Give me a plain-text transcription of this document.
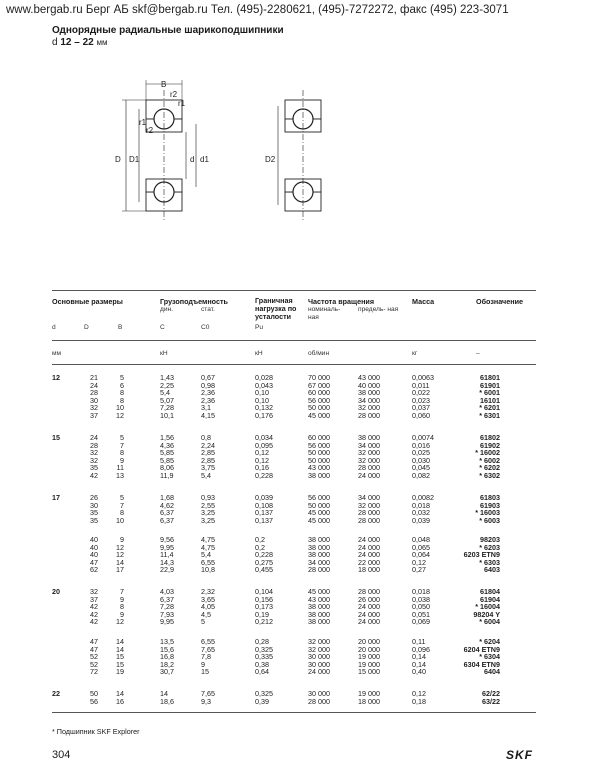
www.bergab.ru Берг АБ skf@bergab.ru Тел. (495)-2280621, (495)-7272272, факс (495) 223-3071
Однорядные радиальные шарикоподшипники
d 12 – 22 мм
B
r2
r1
r1
r2
D D1	d d1	D2
Основные размеры	Грузоподъемность	Граничная нагрузка по усталости
Частота вращения	Масса	Обозначение
дин.	стат.	номиналь- ная
предель- ная
d	D	B	C	C0	Pu
мм	кН	кН	об/мин	кг	–
12	21	5	1,43	0,67	0,028	70 000	43 000	0,0063	61801
24	6	2,25	0,98	0,043	67 000	40 000	0,011	61901
28	8	5,4	2,36	0,10	60 000	38 000	0,022	* 6001
30	8	5,07	2,36	0,10	56 000	34 000	0,023	16101
32	10	7,28	3,1	0,132	50 000	32 000	0,037	* 6201
37	12	10,1	4,15	0,176	45 000	28 000	0,060	* 6301
15	24	5	1,56	0,8	0,034	60 000	38 000	0,0074	61802
28	7	4,36	2,24	0,095	56 000	34 000	0,016	61902
32	8	5,85	2,85	0,12	50 000	32 000	0,025	* 16002
32	9	5,85	2,85	0,12	50 000	32 000	0,030	* 6002
35	11	8,06	3,75	0,16	43 000	28 000	0,045	* 6202
42	13	11,9	5,4	0,228	38 000	24 000	0,082	* 6302
17	26	5	1,68	0,93	0,039	56 000	34 000	0,0082	61803
30	7	4,62	2,55	0,108	50 000	32 000	0,018	61903
35	8	6,37	3,25	0,137	45 000	28 000	0,032	* 16003
35	10	6,37	3,25	0,137	45 000	28 000	0,039	* 6003
40	9	9,56	4,75	0,2	38 000	24 000	0,048	98203
40	12	9,95	4,75	0,2	38 000	24 000	0,065	* 6203
40	12	11,4	5,4	0,228	38 000	24 000	0,064	6203 ETN9
47	14	14,3	6,55	0,275	34 000	22 000	0,12	* 6303
62	17	22,9	10,8	0,455	28 000	18 000	0,27	6403
20	32	7	4,03	2,32	0,104	45 000	28 000	0,018	61804
37	9	6,37	3,65	0,156	43 000	26 000	0,038	61904
42	8	7,28	4,05	0,173	38 000	24 000	0,050	* 16004
42	9	7,93	4,5	0,19	38 000	24 000	0,051	98204 Y
42	12	9,95	5	0,212	38 000	24 000	0,069	* 6004
47	14	13,5	6,55	0,28	32 000	20 000	0,11	* 6204
47	14	15,6	7,65	0,325	32 000	20 000	0,096	6204 ETN9
52	15	16,8	7,8	0,335	30 000	19 000	0,14	* 6304
52	15	18,2	9	0,38	30 000	19 000	0,14	6304 ETN9
72	19	30,7	15	0,64	24 000	15 000	0,40	6404
22	50	14	14	7,65	0,325	30 000	19 000	0,12	62/22
56	16	18,6	9,3	0,39	28 000	18 000	0,18	63/22
* Подшипник SKF Explorer
304	SKF
